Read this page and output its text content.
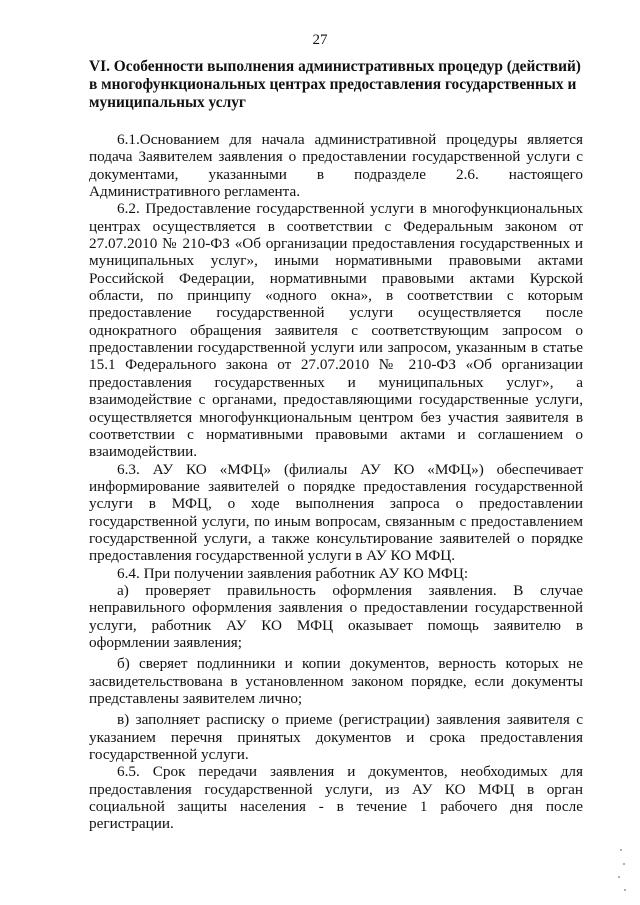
27
VI. Особенности выполнения административных процедур (действий)
в многофункциональных центрах предоставления государственных и
муниципальных услуг

6.1.Основанием для начала административной процедуры является
подача Заявителем заявления о предоставлении государственной услуги с
документами, указанными в подразделе 2.6. настоящего
Административного регламента.

6.2. Предоставление государственной услуги в многофункциональных
центрах осуществляется в соответствии с Федеральным законом от
27.07.2010 № 210-ФЗ «Об организации предоставления государственных и
муниципальных услуг», иными нормативными правовыми актами
Российской Федерации, нормативными правовыми актами Курской
области, по принципу «одного окна», в соответствии с которым
предоставление государственной услуги осуществляется после
однократного обращения заявителя с соответствующим запросом о
предоставлении государственной услуги или запросом, указанным в статье
15.1 Федерального закона от 27.07.2010 № 210-ФЗ «Об организации
предоставления государственных и муниципальных услуг», а
взаимодействие с органами, предоставляющими государственные услуги,
осуществляется многофункциональным центром без участия заявителя в
соответствии с нормативными правовыми актами и соглашением о
взаимодействии.

6.3. АУ КО «МФЦ» (филиалы АУ КО «МФЦ») обеспечивает
информирование заявителей о порядке предоставления государственной
услуги в МФЦ, о ходе выполнения запроса о предоставлении
государственной услуги, по иным вопросам, связанным с предоставлением
государственной услуги, а также консультирование заявителей о порядке
предоставления государственной услуги в АУ КО МФЦ.

6.4. При получении заявления работник АУ КО МФЦ:

а) проверяет правильность оформления заявления. В случае
неправильного оформления заявления о предоставлении государственной
услуги, работник АУ КО МФЦ оказывает помощь заявителю в
оформлении заявления;

б) сверяет подлинники и копии документов, верность которых не
засвидетельствована в установленном законом порядке, если документы
представлены заявителем лично;

в) заполняет расписку о приеме (регистрации) заявления заявителя с
указанием перечня принятых документов и срока предоставления
государственной услуги.

6.5. Срок передачи заявления и документов, необходимых для
предоставления государственной услуги, из АУ КО МФЦ в орган
социальной защиты населения - в течение 1 рабочего дня после
регистрации.
